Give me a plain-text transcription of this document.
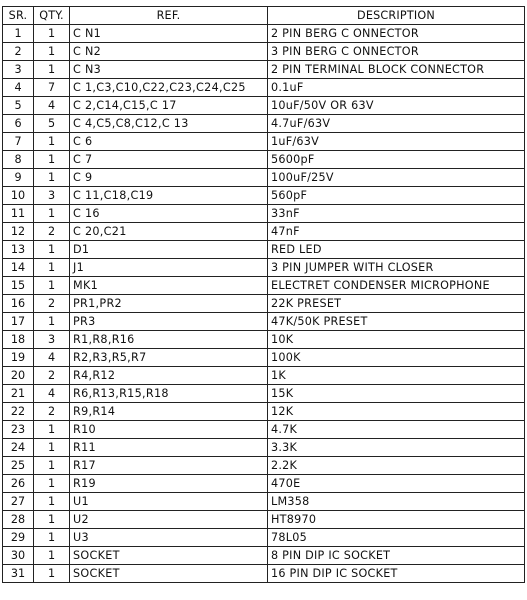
SR.	QTY.	REF.	DESCRIPTION
1	1	C N1	2 PIN BERG C ONNECTOR
2	1	C N2	3 PIN BERG C ONNECTOR
3	1	C N3	2 PIN TERMINAL BLOCK CONNECTOR
4	7	C 1,C3,C10,C22,C23,C24,C25	0.1uF
5	4	C 2,C14,C15,C 17	10uF/50V OR 63V
6	5	C 4,C5,C8,C12,C 13	4.7uF/63V
7	1	C 6	1uF/63V
8	1	C 7	5600pF
9	1	C 9	100uF/25V
10	3	C 11,C18,C19	560pF
11	1	C 16	33nF
12	2	C 20,C21	47nF
13	1	D1	RED LED
14	1	J1	3 PIN JUMPER WITH CLOSER
15	1	MK1	ELECTRET CONDENSER MICROPHONE
16	2	PR1,PR2	22K PRESET
17	1	PR3	47K/50K PRESET
18	3	R1,R8,R16	10K
19	4	R2,R3,R5,R7	100K
20	2	R4,R12	1K
21	4	R6,R13,R15,R18	15K
22	2	R9,R14	12K
23	1	R10	4.7K
24	1	R11	3.3K
25	1	R17	2.2K
26	1	R19	470E
27	1	U1	LM358
28	1	U2	HT8970
29	1	U3	78L05
30	1	SOCKET	8 PIN DIP IC SOCKET
31	1	SOCKET	16 PIN DIP IC SOCKET
